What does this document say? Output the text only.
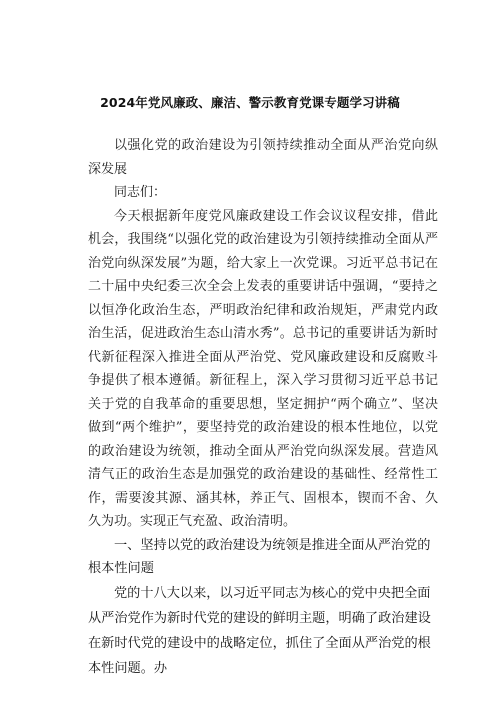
2024年党风廉政、廉洁、警示教育党课专题学习讲稿

以强化党的政治建设为引领持续推动全面从严治党向纵深发展

同志们：

今天根据新年度党风廉政建设工作会议议程安排，借此机会，我围绕“以强化党的政治建设为引领持续推动全面从严治党向纵深发展”为题，给大家上一次党课。习近平总书记在二十届中央纪委三次全会上发表的重要讲话中强调，“要持之以恒净化政治生态，严明政治纪律和政治规矩，严肃党内政治生活，促进政治生态山清水秀”。总书记的重要讲话为新时代新征程深入推进全面从严治党、党风廉政建设和反腐败斗争提供了根本遵循。新征程上，深入学习贯彻习近平总书记关于党的自我革命的重要思想，坚定拥护“两个确立”、坚决做到“两个维护”，要坚持党的政治建设的根本性地位，以党的政治建设为统领，推动全面从严治党向纵深发展。营造风清气正的政治生态是加强党的政治建设的基础性、经常性工作，需要浚其源、涵其林，养正气、固根本，锲而不舍、久久为功。实现正气充盈、政治清明。

一、坚持以党的政治建设为统领是推进全面从严治党的根本性问题

党的十八大以来，以习近平同志为核心的党中央把全面从严治党作为新时代党的建设的鲜明主题，明确了政治建设在新时代党的建设中的战略定位，抓住了全面从严治党的根本性问题。办
